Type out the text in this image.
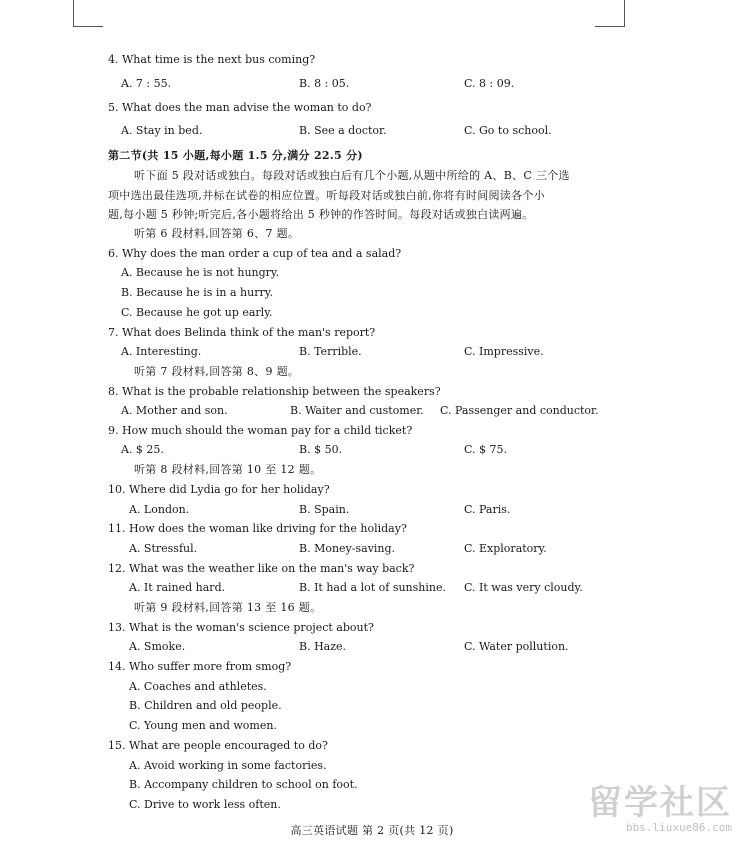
4. What time is the next bus coming?
A. 7 : 55.	B. 8 : 05.	C. 8 : 09.
5. What does the man advise the woman to do?
A. Stay in bed.	B. See a doctor.	C. Go to school.
第二节(共 15 小题,每小题 1.5 分,满分 22.5 分)
听下面 5 段对话或独白。每段对话或独白后有几个小题,从题中所给的 A、B、C 三个选
项中选出最佳选项,并标在试卷的相应位置。听每段对话或独白前,你将有时间阅读各个小
题,每小题 5 秒钟;听完后,各小题将给出 5 秒钟的作答时间。每段对话或独白读两遍。
听第 6 段材料,回答第 6、7 题。
6. Why does the man order a cup of tea and a salad?
A. Because he is not hungry.
B. Because he is in a hurry.
C. Because he got up early.
7. What does Belinda think of the man's report?
A. Interesting.	B. Terrible.	C. Impressive.
听第 7 段材料,回答第 8、9 题。
8. What is the probable relationship between the speakers?
A. Mother and son.	B. Waiter and customer. C. Passenger and conductor.
9. How much should the woman pay for a child ticket?
A. $ 25.	B. $ 50.	C. $ 75.
听第 8 段材料,回答第 10 至 12 题。
10. Where did Lydia go for her holiday?
A. London.	B. Spain.	C. Paris.
11. How does the woman like driving for the holiday?
A. Stressful.	B. Money-saving.	C. Exploratory.
12. What was the weather like on the man's way back?
A. It rained hard.	B. It had a lot of sunshine. C. It was very cloudy.
听第 9 段材料,回答第 13 至 16 题。
13. What is the woman's science project about?
A. Smoke.	B. Haze.	C. Water pollution.
14. Who suffer more from smog?
A. Coaches and athletes.
B. Children and old people.
C. Young men and women.
15. What are people encouraged to do?
A. Avoid working in some factories.
B. Accompany children to school on foot.
C. Drive to work less often.
高三英语试题 第 2 页(共 12 页)
留学社区
bbs.liuxue86.com
